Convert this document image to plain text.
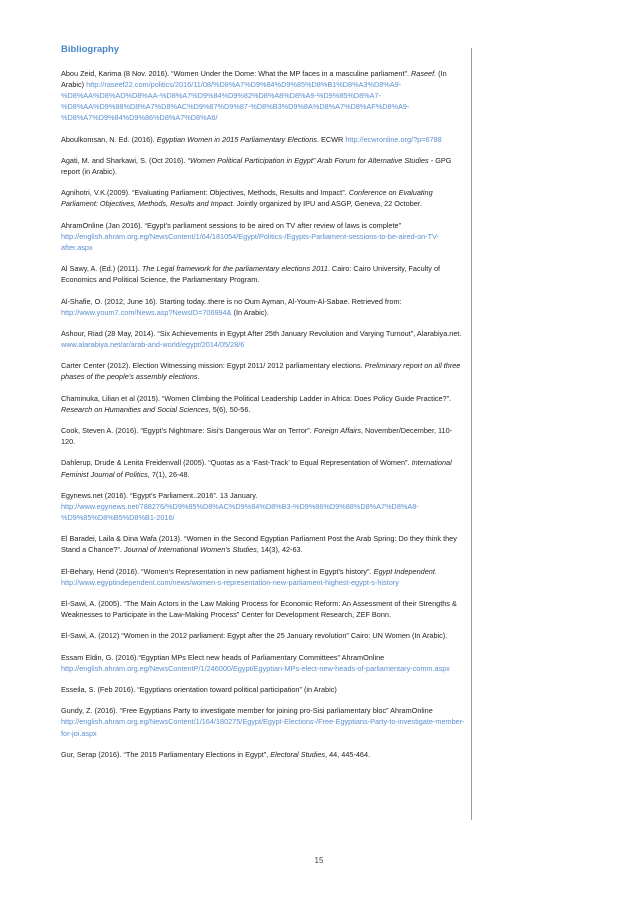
Bibliography
Abou Zeid, Karima (8 Nov. 2016). “Women Under the Dome: What the MP faces in a masculine parliament”. Raseef. (In Arabic) http://raseef22.com/politics/2016/11/08/%D8%A7%D9%84%D9%85%D8%B1%D8%A3%D8%A9-%D8%AA%D8%AD%D8%AA-%D8%A7%D9%84%D9%82%D8%A8%D8%A9-%D9%85%D8%A7-%D8%AA%D9%88%D8%A7%D8%AC%D9%87%D9%87-%D8%B3%D9%8A%D8%A7%D8%AF%D8%A9-%D8%A7%D9%84%D9%86%D8%A7%D8%A6/
Aboulkomsan, N. Ed. (2016). Egyptian Women in 2015 Parliamentary Elections. ECWR http://ecwronline.org/?p=6788
Agati, M. and Sharkawi, S. (Oct 2016). “Women Political Participation in Egypt” Arab Forum for Alternative Studies - GPG report (in Arabic).
Agnihotri, V.K.(2009). “Evaluating Parliament: Objectives, Methods, Results and Impact”. Conference on Evaluating Parliament: Objectives, Methods, Results and Impact. Jointly organized by IPU and ASGP, Geneva, 22 October.
AhramOnline (Jan 2016). “Egypt’s parliament sessions to be aired on TV after review of laws is complete” http://english.ahram.org.eg/NewsContent/1/64/181054/Egypt/Politics-/Egypts-Parliament-sessions-to-be-aired-on-TV-after.aspx
Al Sawy, A. (Ed.) (2011). The Legal framework for the parliamentary elections 2011. Cairo: Cairo University, Faculty of Economics and Political Science, the Parliamentary Program.
Al-Shafie, O. (2012, June 16). Starting today..there is no Oum Ayman, Al-Youm-Al-Sabae. Retrieved from: http://www.youm7.com/News.asp?NewsID=706994& (In Arabic).
Ashour, Riad (28 May, 2014). “Six Achievements in Egypt After 25th January Revolution and Varying Turnout”, Alarabiya.net. www.alarabiya.net/ar/arab-and-world/egypt/2014/05/28/6
Carter Center (2012). Election Witnessing mission: Egypt 2011/ 2012 parliamentary elections. Preliminary report on all three phases of the people’s assembly elections.
Chaminuka, Lilian et al (2015). “Women Climbing the Political Leadership Ladder in Africa: Does Policy Guide Practice?”. Research on Humanities and Social Sciences, 5(6), 50-56.
Cook, Steven A. (2016). “Egypt’s Nightmare: Sisi’s Dangerous War on Terror”. Foreign Affairs, November/December, 110-120.
Dahlerup, Drude & Lenita Freidenvall (2005). “Quotas as a ‘Fast-Track’ to Equal Representation of Women”. International Feminist Journal of Politics, 7(1), 26-48.
Egynews.net (2016). “Egypt’s Parliament..2016”. 13 January. http://www.egynews.net/788276/%D9%85%D8%AC%D9%84%D8%B3-%D9%86%D9%88%D8%A7%D8%A8-%D9%85%D8%B5%D8%B1-2016/
El Baradei, Laila & Dina Wafa (2013). “Women in the Second Egyptian Parliament Post the Arab Spring: Do they think they Stand a Chance?”. Journal of International Women’s Studies, 14(3), 42-63.
El-Behary, Hend (2016). “Women’s Representation in new parliament highest in Egypt’s history”. Egypt Independent. http://www.egyptindependent.com/news/women-s-representation-new-parliament-highest-egypt-s-history
El-Sawi, A. (2005). “The Main Actors in the Law Making Process for Economic Reform: An Assessment of their Strengths & Weaknesses to Participate in the Law-Making Process” Center for Development Research, ZEF Bonn.
El-Sawi, A. (2012) “Women in the 2012 parliament: Egypt after the 25 January revolution” Cairo: UN Women (In Arabic).
Essam Eldin, G. (2016).“Egyptian MPs Elect new heads of Parliamentary Committees” AhramOnline http://english.ahram.org.eg/NewsContentP/1/246000/Egypt/Egyptian-MPs-elect-new-heads-of-parliamentary-comm.aspx
Esseila, S. (Feb 2016). “Egyptians orientation toward political participation” (in Arabic)
Gundy, Z. (2016). “Free Egyptians Party to investigate member for joining pro-Sisi parliamentary bloc” AhramOnline http://english.ahram.org.eg/NewsContent/1/164/180275/Egypt/Egypt-Elections-/Free-Egyptians-Party-to-investigate-member-for-joi.aspx
Gur, Serap (2016). “The 2015 Parliamentary Elections in Egypt”, Electoral Studies, 44, 445-464.
15
